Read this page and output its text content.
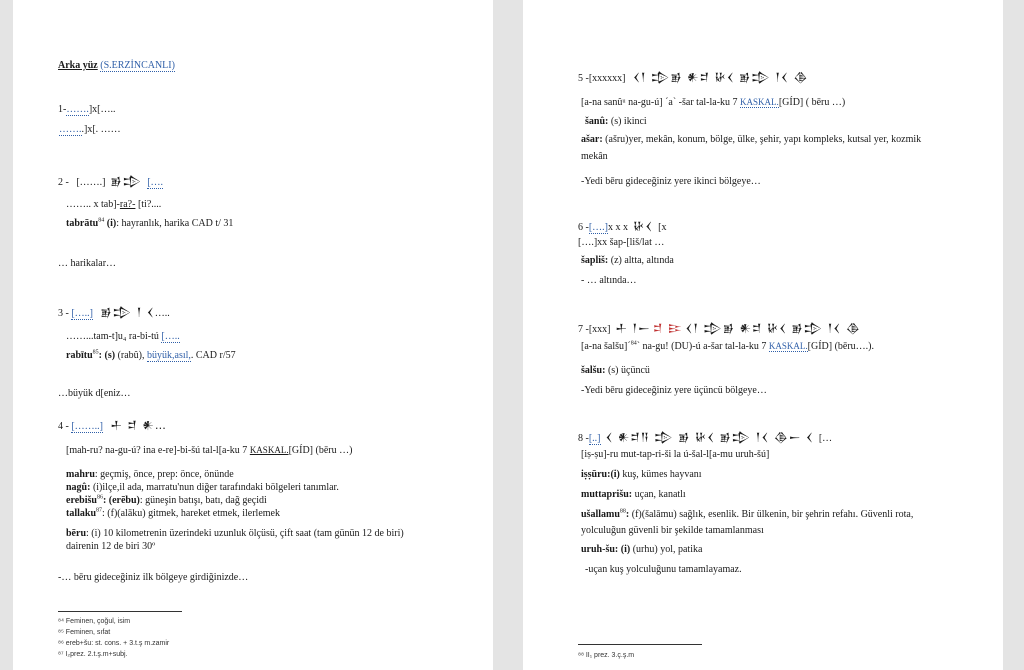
Arka yüz (S.ERZİNCANLI)
1-…….]x[…..
……..]x[. ……
2 - […….] 𒂊𒄠 [….
…….. x tab]-ra?- [ti?....
tabrātu$^{84}$ (i): hayranlık, harika CAD t/ 31
… harikalar…
3 - […..] 𒂊𒄠 𒁹 𒌋…..
……...tam-t]u₄ ra-bi-tú […..
rabītu$^{85}$: (s) (rabû), büyük,asıl,. CAD r/57
…büyük d[eniz…
4 - [……..] 𒈦 𒄑 𒀭…
[mah-ru? na-gu-ú? ina e-re]-bi-šú tal-l[a-ku 7 KASKAL.[GÍD] (bēru …)
mahru: geçmiş, önce, prep: önce, önünde
nagû: (i)ilçe,il ada, marratu'nun diğer tarafındaki bölgeleri tanımlar.
erebišu$^{86}$: (erēbu): güneşin batışı, batı, dağ geçidi
tallaku$^{87}$: (f)(alāku) gitmek, hareket etmek, ilerlemek
bēru: (i) 10 kilometrenin üzerindeki uzunluk ölçüsü, çift saat (tam günün 12 de biri)
dairenin 12 de biri 30º
-… bēru gideceğiniz ilk bölgeye girdiğinizde…
⁸⁴ Feminen, çoğul, isim
⁸⁵ Feminen, sıfat
⁸⁶ ereb+šu: st. cons. + 3.t.ş m.zamir
⁸⁷ I₂prez. 2.t.ş.m+subj.
5 -[xxxxxx] 𒌋𒁹 𒄠𒂊 𒀭𒄑 𒄩𒌋 𒂊𒄠 𒁹𒌋 𒆠
[a-na sanûᵘ na-gu-ú] ˊaˋ -šar tal-la-ku 7 KASKAL.[GÍD] ( bēru …)
šanû: (s) ikinci
ašar: (ašru)yer, mekân, konum, bölge, ülke, şehir, yapı kompleks, kutsal yer, kozmik
mekân
-Yedi bēru gideceğiniz yere ikinci bölgeye…
6 -[….]x x x 𒄩𒌋 [x
[….]xx šap-[liš/lat …
šapliš: (z) altta, altında
- … altında…
7 -[xxx] 𒈦 𒁹𒀸 𒄑 𒄿 𒌋𒁹 𒄠𒂊 𒀭𒄑 𒄩𒌋 𒂊𒄠 𒁹𒌋 𒆠
[a-na šalšu]ˊ$^{84}$ˋ na-gu! (DU)-ú a-šar tal-la-ku 7 KASKAL.[GÍD] (bēru….).
šalšu: (s) üçüncü
-Yedi bēru gideceğiniz yere üçüncü bölgeye…
8 -[..] 𒌋 𒀭𒄑𒀀 𒄠 𒂊 𒄩𒌋 𒂊𒄠 𒁹𒌋 𒆠𒀸 𒌋 […
[iṣ-ṣu]-ru mut-tap-ri-ši la ú-šal-l[a-mu uruh-šú]
iṣṣūru:(i) kuş, kümes hayvanı
muttaprišu: uçan, kanatlı
ušallamu$^{88}$: (f)(šalāmu) sağlık, esenlik. Bir ülkenin, bir şehrin refahı. Güvenli rota,
yolculuğun güvenli bir şekilde tamamlanması
uruh-šu: (i) (urhu) yol, patika
-uçan kuş yolculuğunu tamamlayamaz.
⁸⁸ II₁ prez. 3.ç.ş.m
